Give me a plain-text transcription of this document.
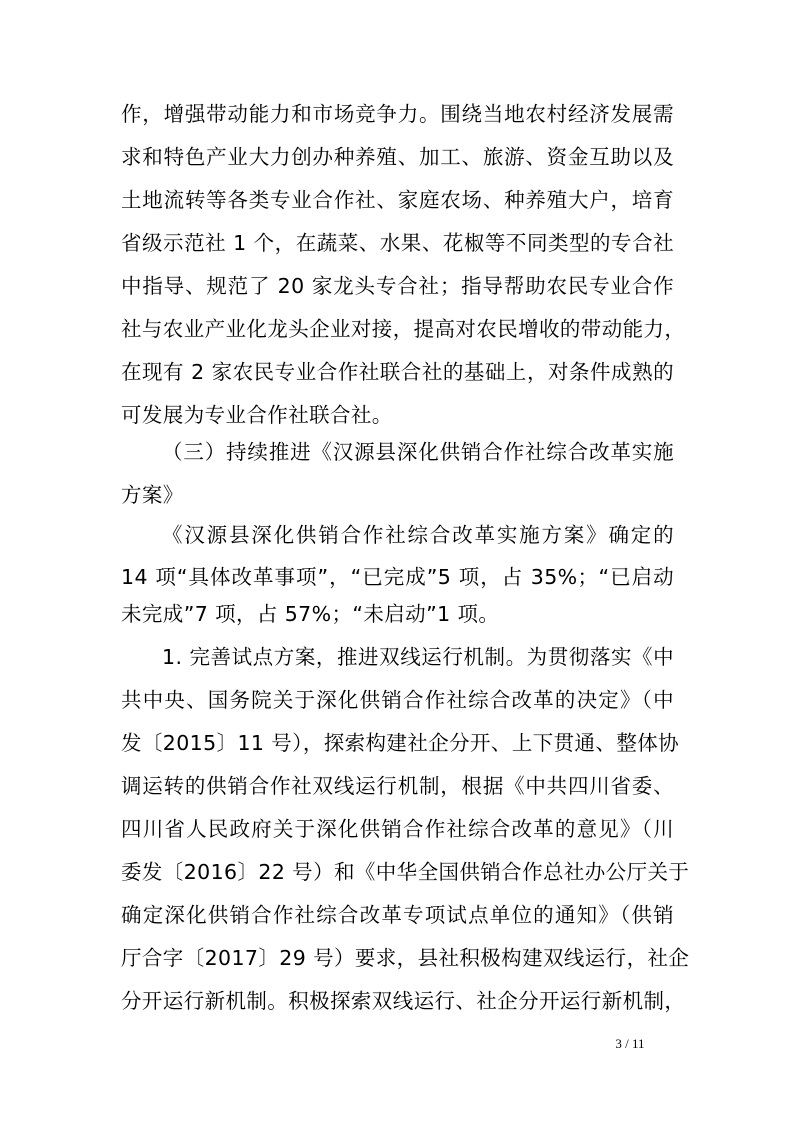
作，增强带动能力和市场竞争力。围绕当地农村经济发展需
求和特色产业大力创办种养殖、加工、旅游、资金互助以及
土地流转等各类专业合作社、家庭农场、种养殖大户，培育
省级示范社 1 个，在蔬菜、水果、花椒等不同类型的专合社
中指导、规范了 20 家龙头专合社；指导帮助农民专业合作
社与农业产业化龙头企业对接，提高对农民增收的带动能力，
在现有 2 家农民专业合作社联合社的基础上，对条件成熟的
可发展为专业合作社联合社。
（三）持续推进《汉源县深化供销合作社综合改革实施
方案》
《汉源县深化供销合作社综合改革实施方案》确定的
14 项“具体改革事项”，“已完成”5 项，占 35%；“已启动
未完成”7 项，占 57%；“未启动”1 项。
1. 完善试点方案，推进双线运行机制。为贯彻落实《中
共中央、国务院关于深化供销合作社综合改革的决定》（中
发〔2015〕11 号），探索构建社企分开、上下贯通、整体协
调运转的供销合作社双线运行机制，根据《中共四川省委、
四川省人民政府关于深化供销合作社综合改革的意见》（川
委发〔2016〕22 号）和《中华全国供销合作总社办公厅关于
确定深化供销合作社综合改革专项试点单位的通知》（供销
厅合字〔2017〕29 号）要求，县社积极构建双线运行，社企
分开运行新机制。积极探索双线运行、社企分开运行新机制，
3 / 11
